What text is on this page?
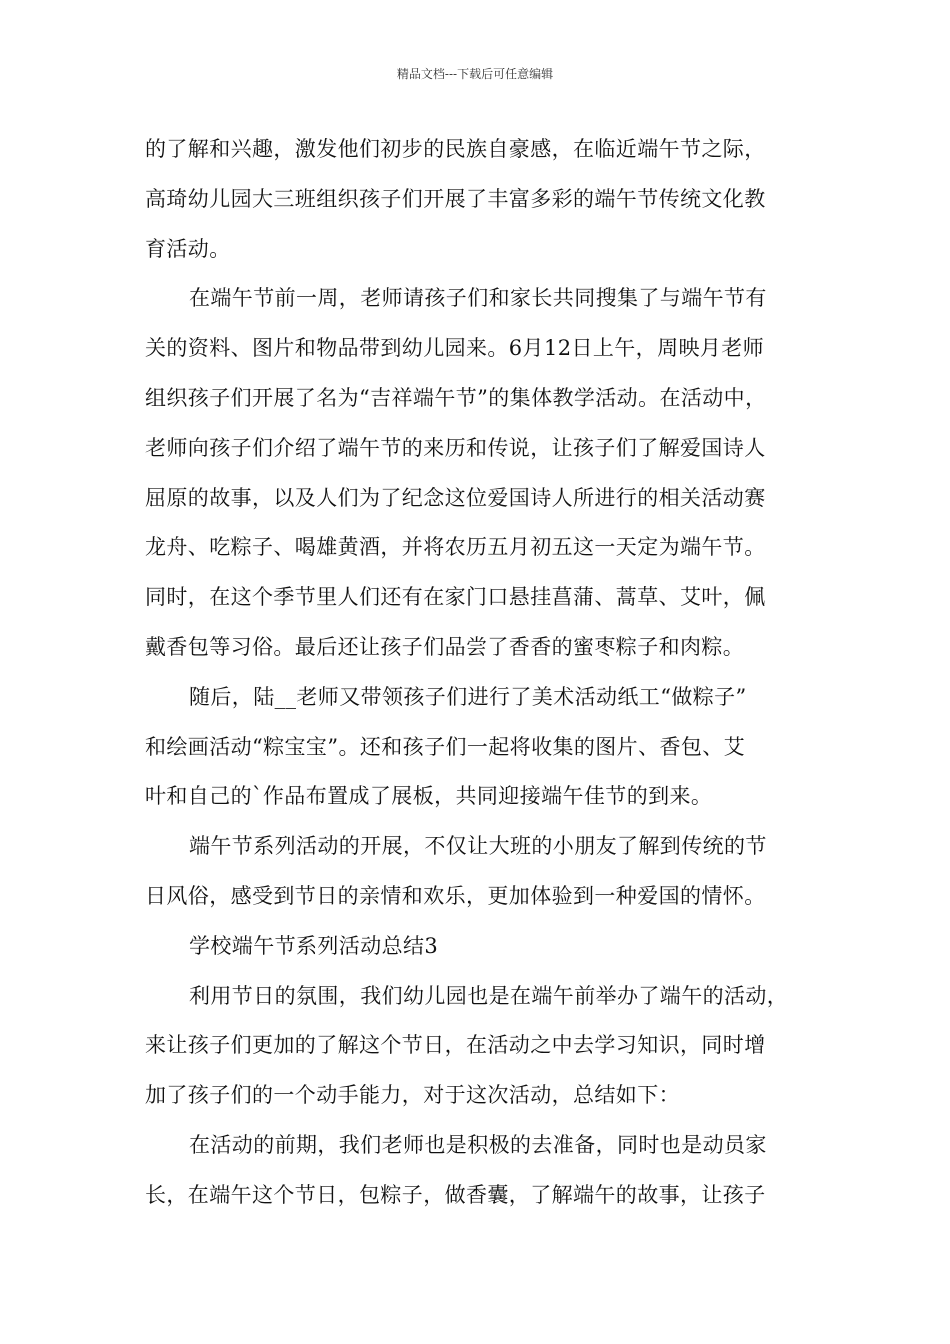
精品文档---下载后可任意编辑
的了解和兴趣，激发他们初步的民族自豪感，在临近端午节之际，
高琦幼儿园大三班组织孩子们开展了丰富多彩的端午节传统文化教
育活动。
在端午节前一周，老师请孩子们和家长共同搜集了与端午节有
关的资料、图片和物品带到幼儿园来。6月12日上午，周映月老师
组织孩子们开展了名为“吉祥端午节”的集体教学活动。在活动中，
老师向孩子们介绍了端午节的来历和传说，让孩子们了解爱国诗人
屈原的故事，以及人们为了纪念这位爱国诗人所进行的相关活动赛
龙舟、吃粽子、喝雄黄酒，并将农历五月初五这一天定为端午节。
同时，在这个季节里人们还有在家门口悬挂菖蒲、蒿草、艾叶，佩
戴香包等习俗。最后还让孩子们品尝了香香的蜜枣粽子和肉粽。
随后，陆__老师又带领孩子们进行了美术活动纸工“做粽子”
和绘画活动“粽宝宝”。还和孩子们一起将收集的图片、香包、艾
叶和自己的`作品布置成了展板，共同迎接端午佳节的到来。
端午节系列活动的开展，不仅让大班的小朋友了解到传统的节
日风俗，感受到节日的亲情和欢乐，更加体验到一种爱国的情怀。
学校端午节系列活动总结3
利用节日的氛围，我们幼儿园也是在端午前举办了端午的活动，
来让孩子们更加的了解这个节日，在活动之中去学习知识，同时增
加了孩子们的一个动手能力，对于这次活动，总结如下：
在活动的前期，我们老师也是积极的去准备，同时也是动员家
长，在端午这个节日，包粽子，做香囊，了解端午的故事，让孩子
